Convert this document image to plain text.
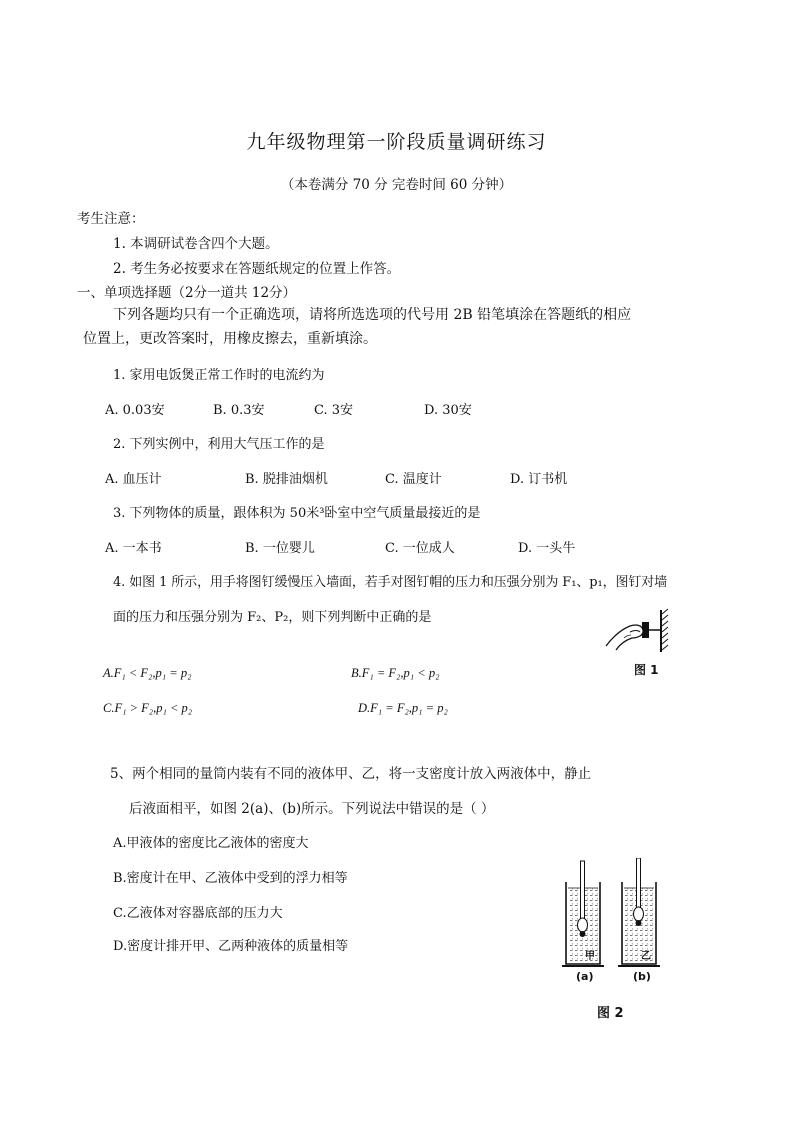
九年级物理第一阶段质量调研练习
（本卷满分 70 分 完卷时间 60 分钟）
考生注意：
1. 本调研试卷含四个大题。
2. 考生务必按要求在答题纸规定的位置上作答。
一、单项选择题（2分一道共 12分）
下列各题均只有一个正确选项，请将所选选项的代号用 2B 铅笔填涂在答题纸的相应
位置上，更改答案时，用橡皮擦去，重新填涂。
1. 家用电饭煲正常工作时的电流约为
A. 0.03安	B. 0.3安	C. 3安	D. 30安
2. 下列实例中，利用大气压工作的是
A. 血压计	B. 脱排油烟机	C. 温度计	D. 订书机
3. 下列物体的质量，跟体积为 50米³卧室中空气质量最接近的是
A. 一本书	B. 一位婴儿	C. 一位成人	D. 一头牛
4. 如图 1 所示，用手将图钉缓慢压入墙面，若手对图钉帽的压力和压强分别为 F₁、p₁，图钉对墙
面的压力和压强分别为 F₂、P₂，则下列判断中正确的是
图 1
A.F₁ < F₂,p₁ = p₂	B.F₁ = F₂,p₁ < p₂
C.F₁ > F₂,p₁ < p₂	D.F₁ = F₂,p₁ = p₂
5、两个相同的量筒内装有不同的液体甲、乙，将一支密度计放入两液体中，静止
后液面相平，如图 2(a)、(b)所示。下列说法中错误的是（ ）
A.甲液体的密度比乙液体的密度大
B.密度计在甲、乙液体中受到的浮力相等
C.乙液体对容器底部的压力大
D.密度计排开甲、乙两种液体的质量相等
甲	乙
(a)	(b)
图 2
